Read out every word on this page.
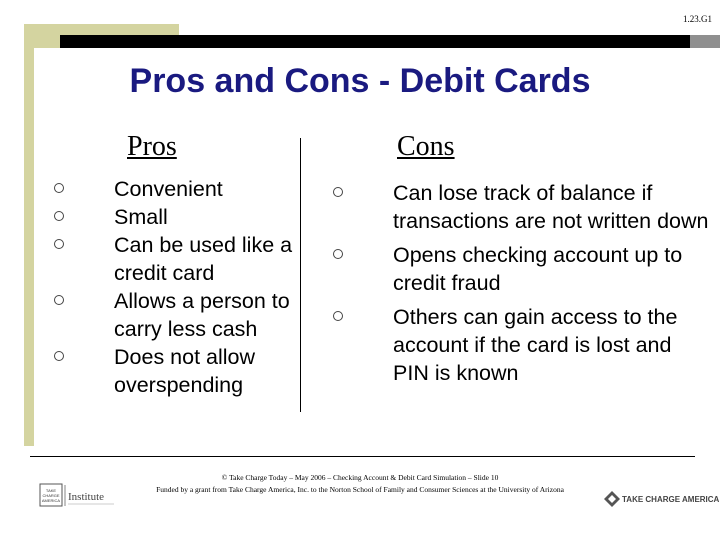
1.23.G1
Pros and Cons - Debit Cards
Pros	Cons
Convenient
Small
Can be used like a credit card
Allows a person to carry less cash
Does not allow overspending
Can lose track of balance if transactions are not written down
Opens checking account up to credit fraud
Others can gain access to the account if the card is lost and PIN is known
TAKE
CHARGE
AMERICA Institute
© Take Charge Today – May 2006 – Checking Account & Debit Card Simulation – Slide 10
Funded by a grant from Take Charge America, Inc. to the Norton School of Family and Consumer Sciences at the University of Arizona
TAKE CHARGE AMERICA
